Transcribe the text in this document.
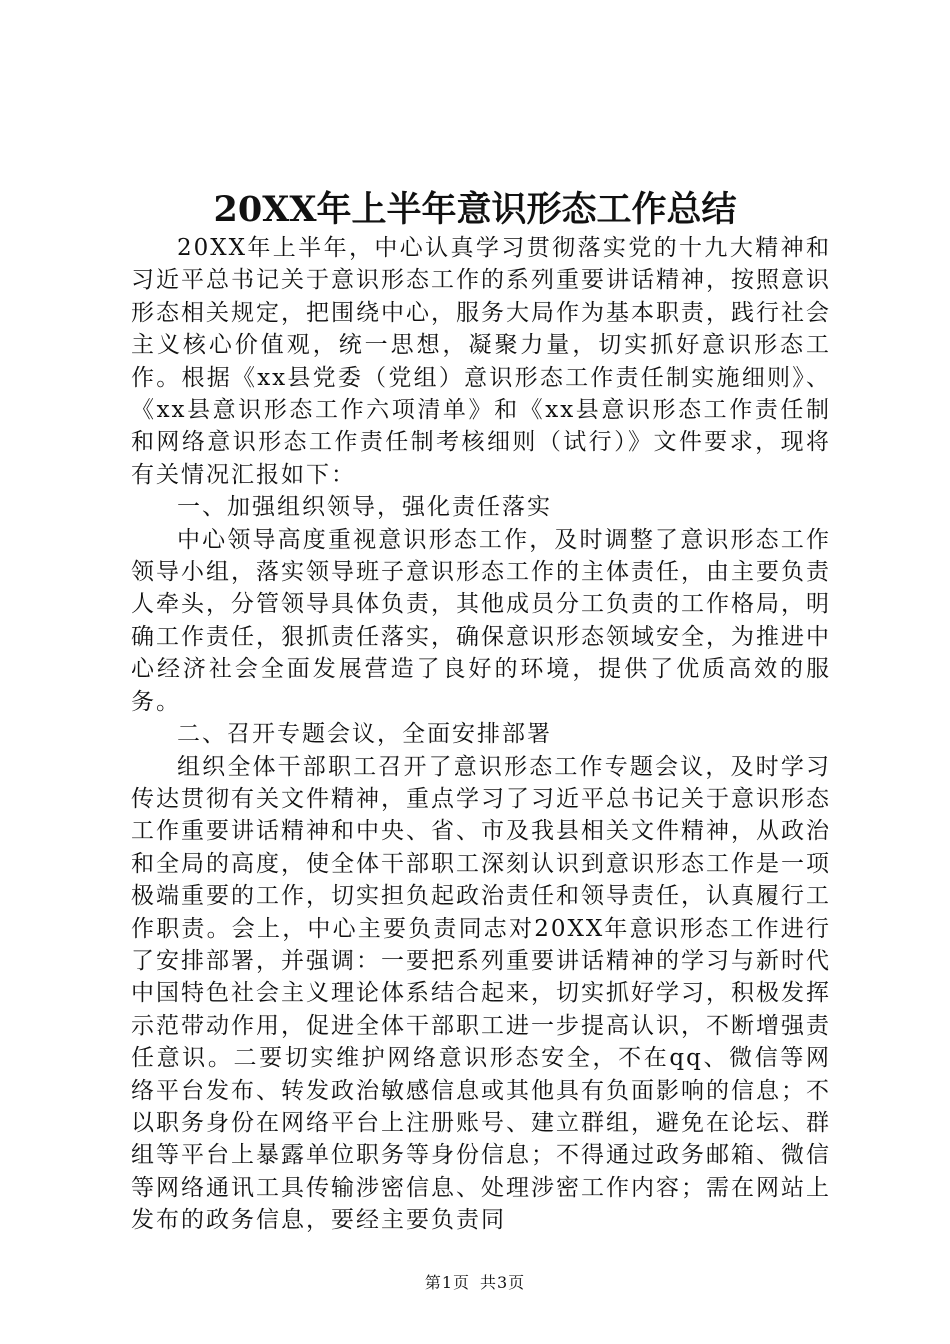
20XX年上半年意识形态工作总结

20XX年上半年，中心认真学习贯彻落实党的十九大精神和习近平总书记关于意识形态工作的系列重要讲话精神，按照意识形态相关规定，把围绕中心，服务大局作为基本职责，践行社会主义核心价值观，统一思想，凝聚力量，切实抓好意识形态工作。根据《xx县党委（党组）意识形态工作责任制实施细则》、《xx县意识形态工作六项清单》和《xx县意识形态工作责任制和网络意识形态工作责任制考核细则（试行）》文件要求，现将有关情况汇报如下：

一、加强组织领导，强化责任落实

中心领导高度重视意识形态工作，及时调整了意识形态工作领导小组，落实领导班子意识形态工作的主体责任，由主要负责人牵头，分管领导具体负责，其他成员分工负责的工作格局，明确工作责任，狠抓责任落实，确保意识形态领域安全，为推进中心经济社会全面发展营造了良好的环境，提供了优质高效的服务。

二、召开专题会议，全面安排部署

组织全体干部职工召开了意识形态工作专题会议，及时学习传达贯彻有关文件精神，重点学习了习近平总书记关于意识形态工作重要讲话精神和中央、省、市及我县相关文件精神，从政治和全局的高度，使全体干部职工深刻认识到意识形态工作是一项极端重要的工作，切实担负起政治责任和领导责任，认真履行工作职责。会上，中心主要负责同志对20XX年意识形态工作进行了安排部署，并强调：一要把系列重要讲话精神的学习与新时代中国特色社会主义理论体系结合起来，切实抓好学习，积极发挥示范带动作用，促进全体干部职工进一步提高认识，不断增强责任意识。二要切实维护网络意识形态安全，不在qq、微信等网络平台发布、转发政治敏感信息或其他具有负面影响的信息；不以职务身份在网络平台上注册账号、建立群组，避免在论坛、群组等平台上暴露单位职务等身份信息；不得通过政务邮箱、微信等网络通讯工具传输涉密信息、处理涉密工作内容；需在网站上发布的政务信息，要经主要负责同

第1页 共3页
